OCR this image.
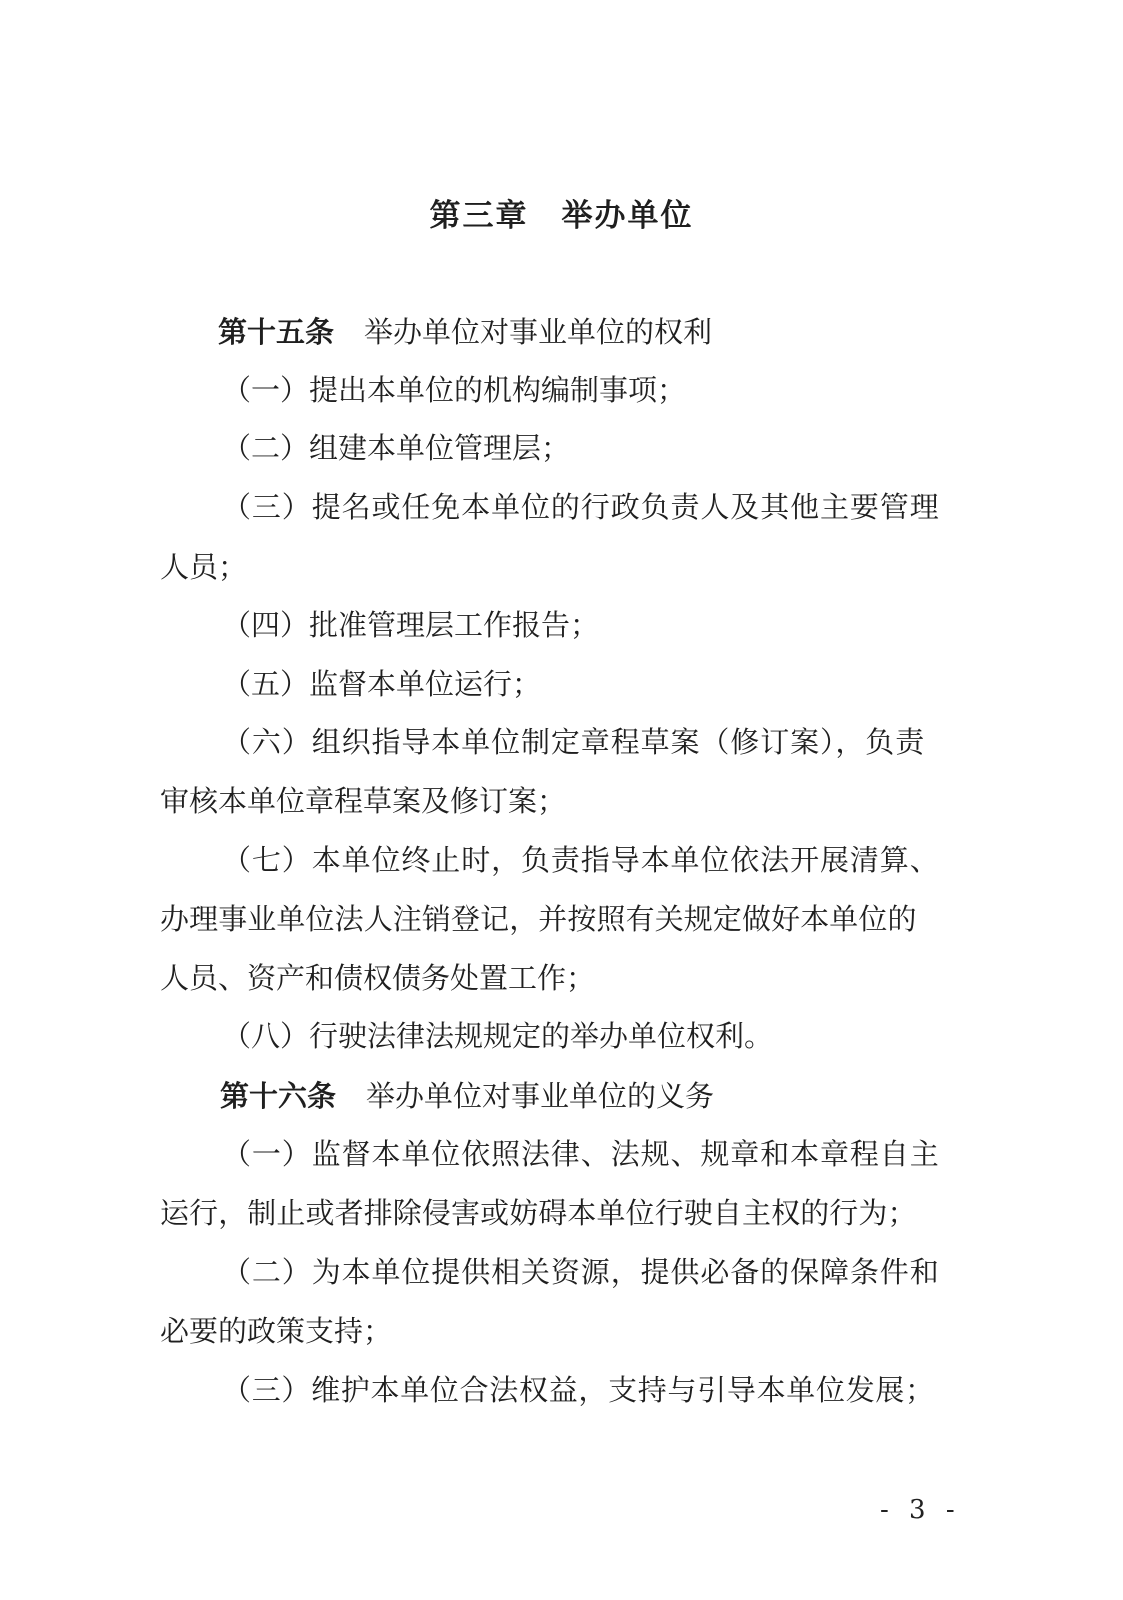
第三章　举办单位
第十五条 举办单位对事业单位的权利
（一）提出本单位的机构编制事项；
（二）组建本单位管理层；
（三）提名或任免本单位的行政负责人及其他主要管理
人员；
（四）批准管理层工作报告；
（五）监督本单位运行；
（六）组织指导本单位制定章程草案（修订案），负责
审核本单位章程草案及修订案；
（七）本单位终止时，负责指导本单位依法开展清算、
办理事业单位法人注销登记，并按照有关规定做好本单位的
人员、资产和债权债务处置工作；
（八）行驶法律法规规定的举办单位权利。
第十六条 举办单位对事业单位的义务
（一）监督本单位依照法律、法规、规章和本章程自主
运行，制止或者排除侵害或妨碍本单位行驶自主权的行为；
（二）为本单位提供相关资源，提供必备的保障条件和
必要的政策支持；
（三）维护本单位合法权益，支持与引导本单位发展；
- 3 -
